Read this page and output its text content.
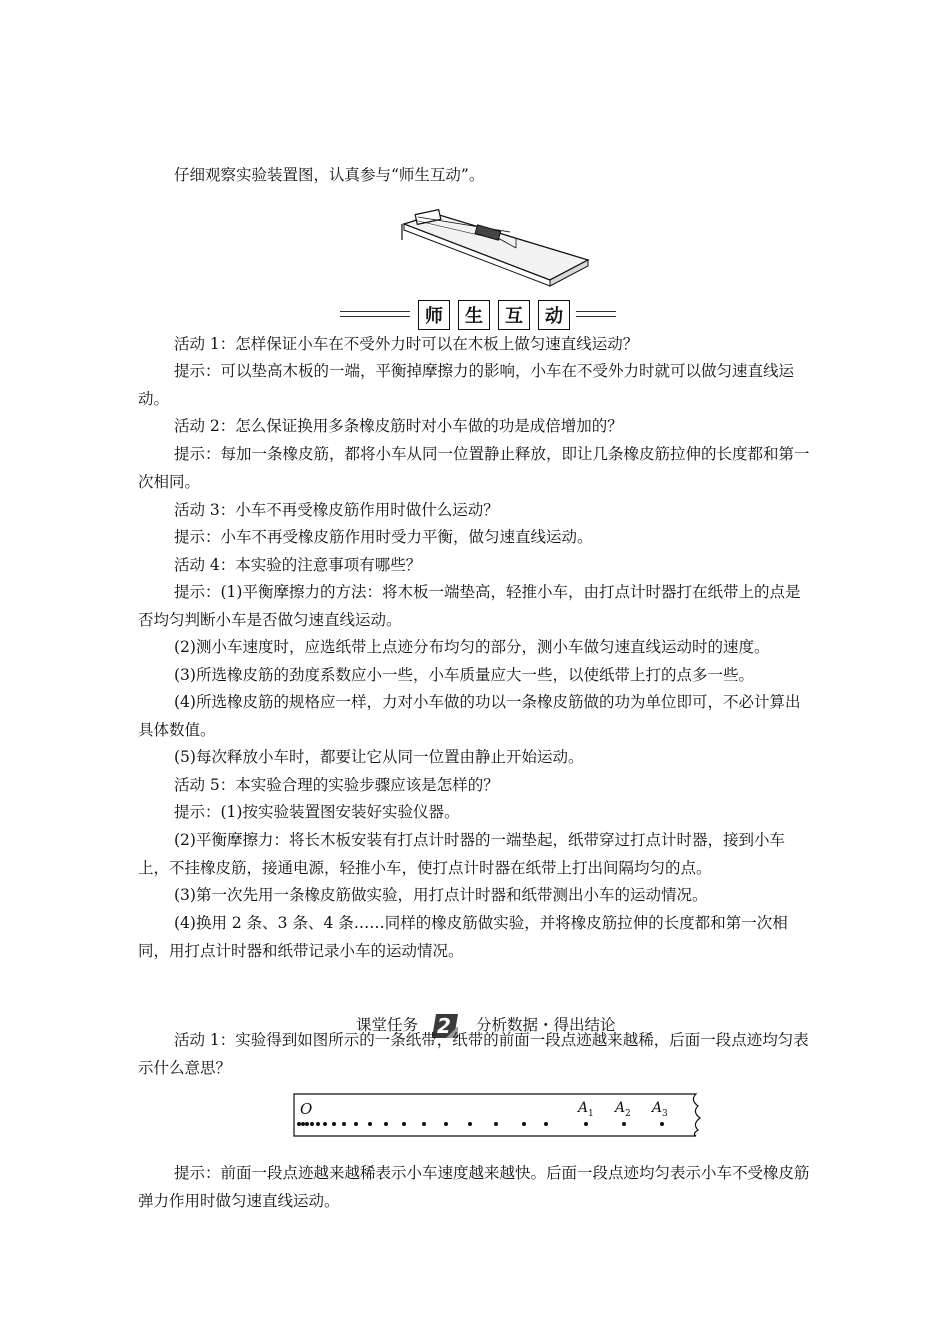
仔细观察实验装置图，认真参与“师生互动”。

师	生	互	动

活动 1：怎样保证小车在不受外力时可以在木板上做匀速直线运动？

提示：可以垫高木板的一端，平衡掉摩擦力的影响，小车在不受外力时就可以做匀速直线运动。

活动 2：怎么保证换用多条橡皮筋时对小车做的功是成倍增加的？

提示：每加一条橡皮筋，都将小车从同一位置静止释放，即让几条橡皮筋拉伸的长度都和第一次相同。

活动 3：小车不再受橡皮筋作用时做什么运动？

提示：小车不再受橡皮筋作用时受力平衡，做匀速直线运动。

活动 4：本实验的注意事项有哪些？

提示：(1)平衡摩擦力的方法：将木板一端垫高，轻推小车，由打点计时器打在纸带上的点是否均匀判断小车是否做匀速直线运动。

(2)测小车速度时，应选纸带上点迹分布均匀的部分，测小车做匀速直线运动时的速度。

(3)所选橡皮筋的劲度系数应小一些，小车质量应大一些，以使纸带上打的点多一些。

(4)所选橡皮筋的规格应一样，力对小车做的功以一条橡皮筋做的功为单位即可，不必计算出具体数值。

(5)每次释放小车时，都要让它从同一位置由静止开始运动。

活动 5：本实验合理的实验步骤应该是怎样的？

提示：(1)按实验装置图安装好实验仪器。

(2)平衡摩擦力：将长木板安装有打点计时器的一端垫起，纸带穿过打点计时器，接到小车上，不挂橡皮筋，接通电源，轻推小车，使打点计时器在纸带上打出间隔均匀的点。

(3)第一次先用一条橡皮筋做实验，用打点计时器和纸带测出小车的运动情况。

(4)换用 2 条、3 条、4 条……同样的橡皮筋做实验，并将橡皮筋拉伸的长度都和第一次相同，用打点计时器和纸带记录小车的运动情况。

课堂任务 2 分析数据・得出结论

活动 1：实验得到如图所示的一条纸带，纸带的前面一段点迹越来越稀，后面一段点迹均匀表示什么意思？

O	A 1 A 2 A 3

提示：前面一段点迹越来越稀表示小车速度越来越快。后面一段点迹均匀表示小车不受橡皮筋弹力作用时做匀速直线运动。
